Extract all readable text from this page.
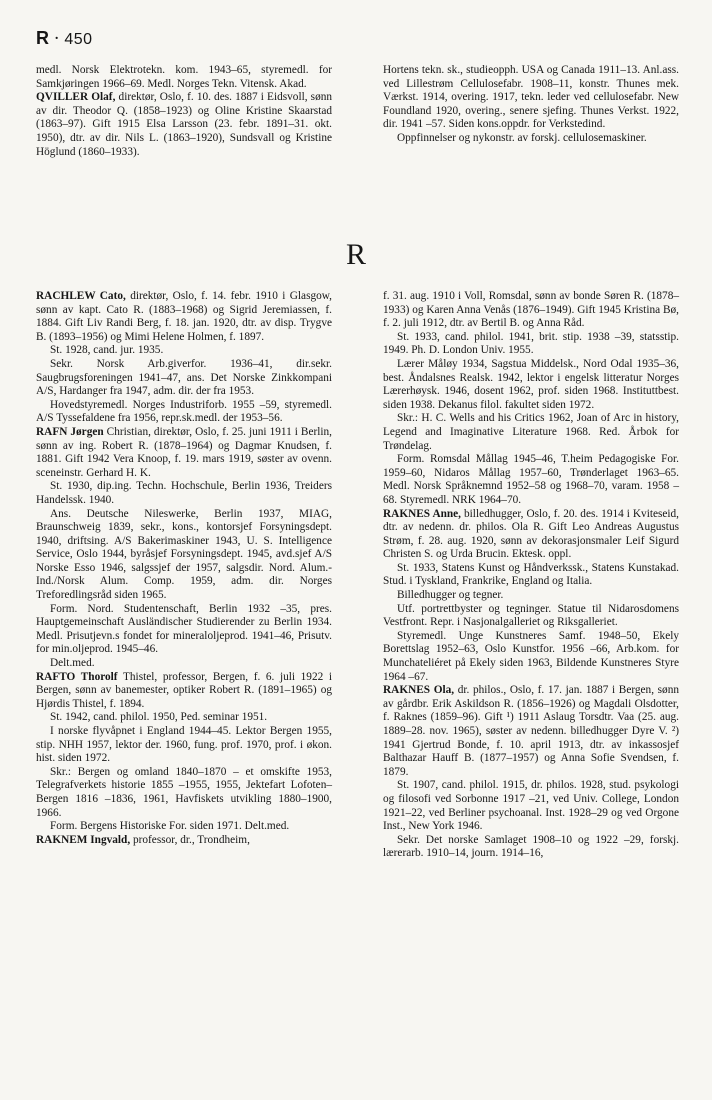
R · 450

medl. Norsk Elektrotekn. kom. 1943–65, styremedl. for Samkjøringen 1966–69. Medl. Norges Tekn. Vitensk. Akad.

QVILLER Olaf, direktør, Oslo, f. 10. des. 1887 i Eidsvoll, sønn av dir. Theodor Q. (1858–1923) og Oline Kristine Skaarstad (1863–97). Gift 1915 Elsa Larsson (23. febr. 1891–31. okt. 1950), dtr. av dir. Nils L. (1863–1920), Sundsvall og Kristine Höglund (1860–1933).

Hortens tekn. sk., studieopph. USA og Canada 1911–13. Anl.ass. ved Lillestrøm Cellulosefabr. 1908–11, konstr. Thunes mek. Værkst. 1914, overing. 1917, tekn. leder ved cellulosefabr. New Foundland 1920, overing., senere sjefing. Thunes Verkst. 1922, dir. 1941 –57. Siden kons.oppdr. for Verkstedind.

Oppfinnelser og nykonstr. av forskj. cellulosemaskiner.

R

RACHLEW Cato, direktør, Oslo, f. 14. febr. 1910 i Glasgow, sønn av kapt. Cato R. (1883–1968) og Sigrid Jeremiassen, f. 1884. Gift Liv Randi Berg, f. 18. jan. 1920, dtr. av disp. Trygve B. (1893–1956) og Mimi Helene Holmen, f. 1897.

St. 1928, cand. jur. 1935.

Sekr. Norsk Arb.giverfor. 1936–41, dir.sekr. Saugbrugsforeningen 1941–47, ans. Det Norske Zinkkompani A/S, Hardanger fra 1947, adm. dir. der fra 1953.

Hovedstyremedl. Norges Industriforb. 1955 –59, styremedl. A/S Tyssefaldene fra 1956, repr.sk.medl. der 1953–56.

RAFN Jørgen Christian, direktør, Oslo, f. 25. juni 1911 i Berlin, sønn av ing. Robert R. (1878–1964) og Dagmar Knudsen, f. 1881. Gift 1942 Vera Knoop, f. 19. mars 1919, søster av ovenn. sceneinstr. Gerhard H. K.

St. 1930, dip.ing. Techn. Hochschule, Berlin 1936, Treiders Handelssk. 1940.

Ans. Deutsche Nileswerke, Berlin 1937, MIAG, Braunschweig 1839, sekr., kons., kontorsjef Forsyningsdept. 1940, driftsing. A/S Bakerimaskiner 1943, U. S. Intelligence Service, Oslo 1944, byråsjef Forsyningsdept. 1945, avd.sjef A/S Norske Esso 1946, salgssjef der 1957, salgsdir. Nord. Alum.-Ind./Norsk Alum. Comp. 1959, adm. dir. Norges Treforedlingsråd siden 1965.

Form. Nord. Studentenschaft, Berlin 1932 –35, pres. Hauptgemeinschaft Ausländischer Studierender zu Berlin 1934. Medl. Prisutjevn.s fondet for mineraloljeprod. 1941–46, Prisutv. for min.oljeprod. 1945–46.

Delt.med.

RAFTO Thorolf Thistel, professor, Bergen, f. 6. juli 1922 i Bergen, sønn av banemester, optiker Robert R. (1891–1965) og Hjørdis Thistel, f. 1894.

St. 1942, cand. philol. 1950, Ped. seminar 1951.

I norske flyvåpnet i England 1944–45. Lektor Bergen 1955, stip. NHH 1957, lektor der. 1960, fung. prof. 1970, prof. i økon. hist. siden 1972.

Skr.: Bergen og omland 1840–1870 – et omskifte 1953, Telegrafverkets historie 1855 –1955, 1955, Jektefart Lofoten–Bergen 1816 –1836, 1961, Havfiskets utvikling 1880–1900, 1966.

Form. Bergens Historiske For. siden 1971. Delt.med.

RAKNEM Ingvald, professor, dr., Trondheim,

f. 31. aug. 1910 i Voll, Romsdal, sønn av bonde Søren R. (1878–1933) og Karen Anna Venås (1876–1949). Gift 1945 Kristina Bø, f. 2. juli 1912, dtr. av Bertil B. og Anna Råd.

St. 1933, cand. philol. 1941, brit. stip. 1938 –39, statsstip. 1949. Ph. D. London Univ. 1955.

Lærer Måløy 1934, Sagstua Middelsk., Nord Odal 1935–36, best. Åndalsnes Realsk. 1942, lektor i engelsk litteratur Norges Lærerhøysk. 1946, dosent 1962, prof. siden 1968. Instituttbest. siden 1938. Dekanus filol. fakultet siden 1972.

Skr.: H. C. Wells and his Critics 1962, Joan of Arc in history, Legend and Imaginative Literature 1968. Red. Årbok for Trøndelag.

Form. Romsdal Mållag 1945–46, T.heim Pedagogiske For. 1959–60, Nidaros Mållag 1957–60, Trønderlaget 1963–65. Medl. Norsk Språknemnd 1952–58 og 1968–70, varam. 1958 –68. Styremedl. NRK 1964–70.

RAKNES Anne, billedhugger, Oslo, f. 20. des. 1914 i Kviteseid, dtr. av nedenn. dr. philos. Ola R. Gift Leo Andreas Augustus Strøm, f. 28. aug. 1920, sønn av dekorasjonsmaler Leif Sigurd Christen S. og Urda Brucin. Ektesk. oppl.

St. 1933, Statens Kunst og Håndverkssk., Statens Kunstakad. Stud. i Tyskland, Frankrike, England og Italia.

Billedhugger og tegner.

Utf. portrettbyster og tegninger. Statue til Nidarosdomens Vestfront. Repr. i Nasjonalgalleriet og Riksgalleriet.

Styremedl. Unge Kunstneres Samf. 1948–50, Ekely Borettslag 1952–63, Oslo Kunstfor. 1956 –66, Arb.kom. for Munchateliéret på Ekely siden 1963, Bildende Kunstneres Styre 1964 –67.

RAKNES Ola, dr. philos., Oslo, f. 17. jan. 1887 i Bergen, sønn av gårdbr. Erik Askildson R. (1856–1926) og Magdali Olsdotter, f. Raknes (1859–96). Gift ¹) 1911 Aslaug Torsdtr. Vaa (25. aug. 1889–28. nov. 1965), søster av nedenn. billedhugger Dyre V. ²) 1941 Gjertrud Bonde, f. 10. april 1913, dtr. av inkassosjef Balthazar Hauff B. (1877–1957) og Anna Sofie Svendsen, f. 1879.

St. 1907, cand. philol. 1915, dr. philos. 1928, stud. psykologi og filosofi ved Sorbonne 1917 –21, ved Univ. College, London 1921–22, ved Berliner psychoanal. Inst. 1928–29 og ved Orgone Inst., New York 1946.

Sekr. Det norske Samlaget 1908–10 og 1922 –29, forskj. lærerarb. 1910–14, journ. 1914–16,
